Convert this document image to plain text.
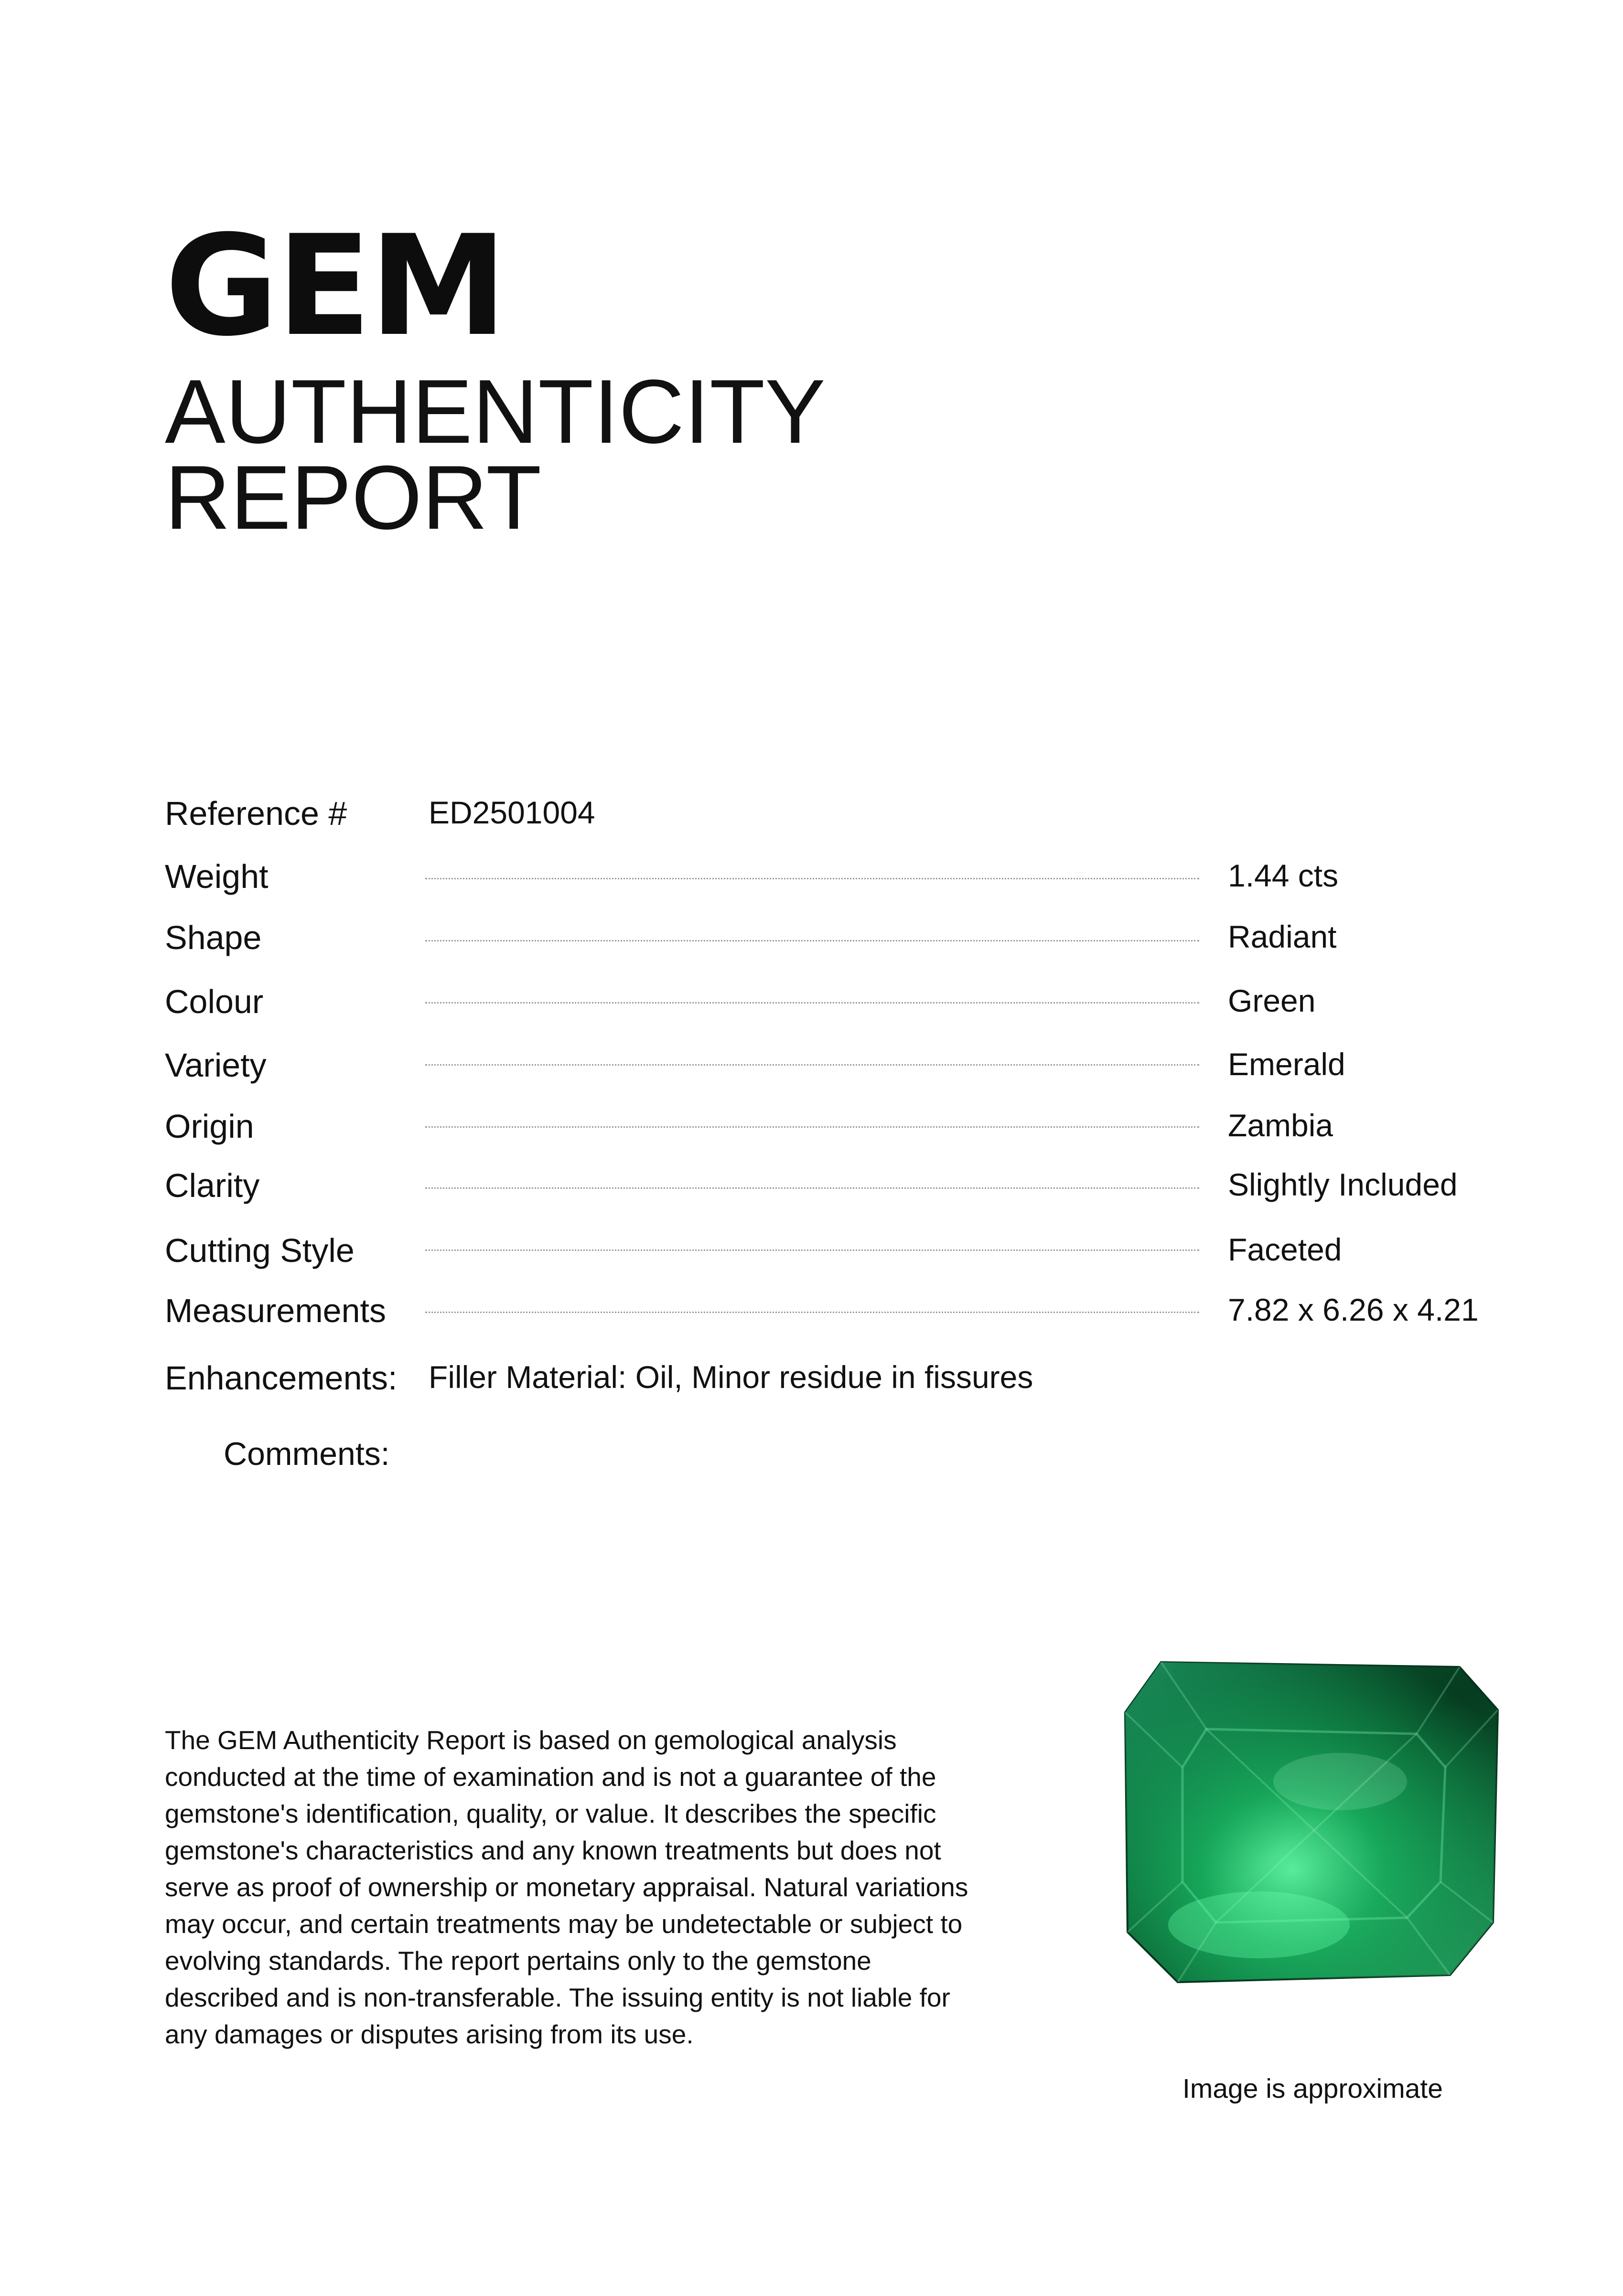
GEM
AUTHENTICITY
REPORT
Reference #	ED2501004
Weight	1.44 cts
Shape	Radiant
Colour	Green
Variety	Emerald
Origin	Zambia
Clarity	Slightly Included
Cutting Style	Faceted
Measurements	7.82 x 6.26 x 4.21
Enhancements: Filler Material: Oil, Minor residue in fissures
Comments:

The GEM Authenticity Report is based on gemological analysis conducted at the time of examination and is not a guarantee of the gemstone's identification, quality, or value. It describes the specific gemstone's characteristics and any known treatments but does not serve as proof of ownership or monetary appraisal. Natural variations may occur, and certain treatments may be undetectable or subject to evolving standards. The report pertains only to the gemstone described and is non-transferable. The issuing entity is not liable for any damages or disputes arising from its use.

Image is approximate
